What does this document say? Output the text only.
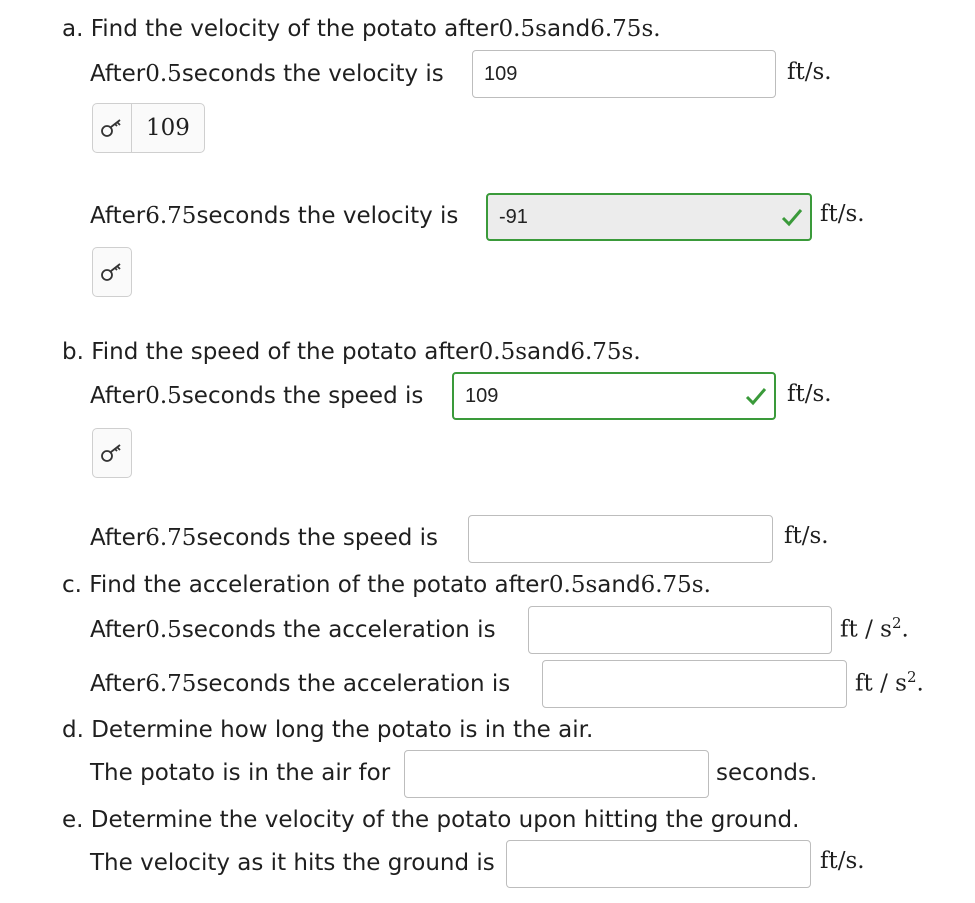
a. Find the velocity of the potato after 0.5 s and 6.75 s.
After 0.5 seconds the velocity is 109	ft/s.
109
After 6.75 seconds the velocity is -91	ft/s.
b. Find the speed of the potato after 0.5 s and 6.75 s.
After 0.5 seconds the speed is 109	ft/s.
After 6.75 seconds the speed is	ft/s.
c. Find the acceleration of the potato after 0.5 s and 6.75 s.
After 0.5 seconds the acceleration is	ft / $s^2$.
After 6.75 seconds the acceleration is	ft / $s^2$.
d. Determine how long the potato is in the air.
The potato is in the air for	seconds.
e. Determine the velocity of the potato upon hitting the ground.
The velocity as it hits the ground is	ft/s.
